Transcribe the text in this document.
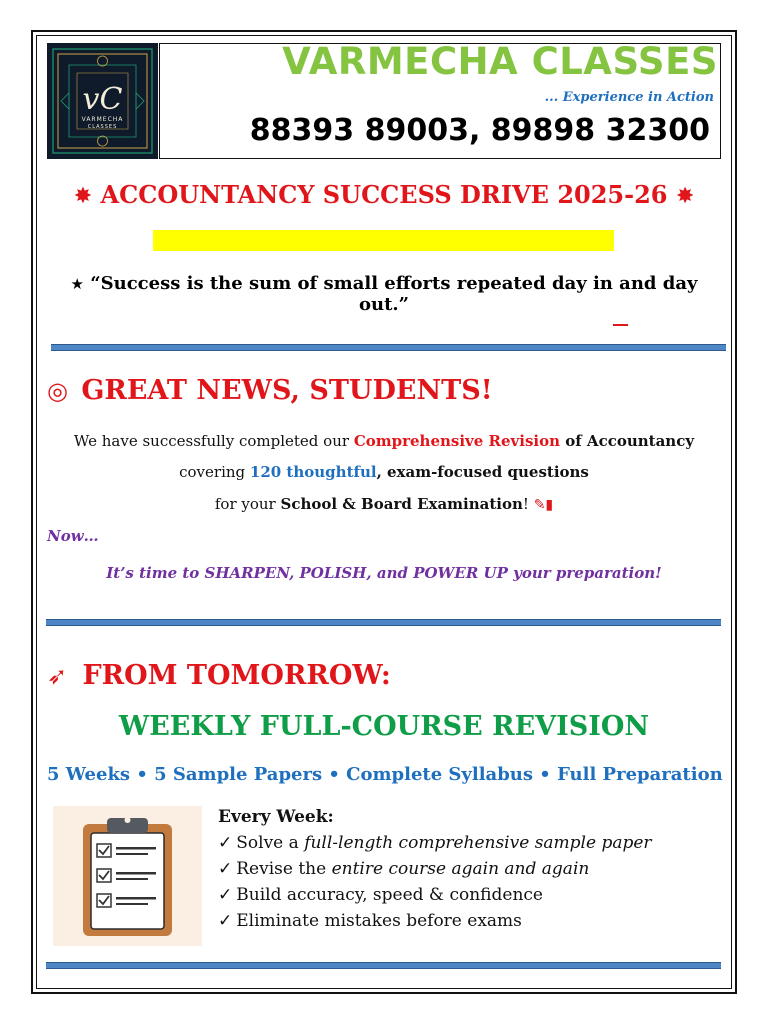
vC
VARMECHA
CLASSES
VARMECHA CLASSES
... Experience in Action
88393 89003, 89898 32300
✸ ACCOUNTANCY SUCCESS DRIVE 2025-26 ✸
★ “Success is the sum of small efforts repeated day in and day out.”
◎ GREAT NEWS, STUDENTS!
We have successfully completed our Comprehensive Revision of Accountancy
covering 120 thoughtful, exam-focused questions
for your School & Board Examination! ✎▮
Now…
It’s time to SHARPEN, POLISH, and POWER UP your preparation!
➶ FROM TOMORROW:
WEEKLY FULL-COURSE REVISION
5 Weeks • 5 Sample Papers • Complete Syllabus • Full Preparation
Every Week:
✓ Solve a full-length comprehensive sample paper
✓ Revise the entire course again and again
✓ Build accuracy, speed & confidence
✓ Eliminate mistakes before exams
